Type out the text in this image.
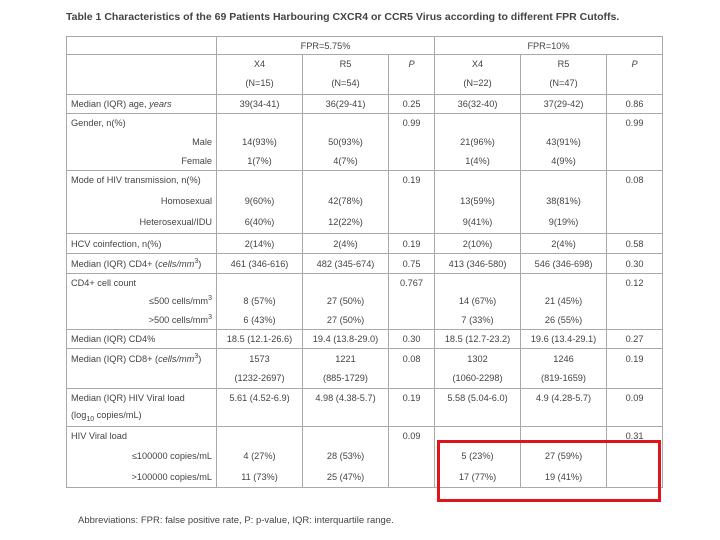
Table 1 Characteristics of the 69 Patients Harbouring CXCR4 or CCR5 Virus according to different FPR Cutoffs.
	FPR=5.75%			FPR=10%		
	X4	R5	P	X4	R5	P
	(N=15)	(N=54)		(N=22)	(N=47)	
Median (IQR) age, years	39(34-41)	36(29-41)	0.25	36(32-40)	37(29-42)	0.86
Gender, n(%)			0.99			0.99
Male	14(93%)	50(93%)		21(96%)	43(91%)	
Female	1(7%)	4(7%)		1(4%)	4(9%)	
Mode of HIV transmission, n(%)			0.19			0.08
Homosexual	9(60%)	42(78%)		13(59%)	38(81%)	
Heterosexual/IDU	6(40%)	12(22%)		9(41%)	9(19%)	
HCV coinfection, n(%)	2(14%)	2(4%)	0.19	2(10%)	2(4%)	0.58
Median (IQR) $CD4+ (cells/mm^3)$	461 (346-616)	482 (345-674)	0.75	413 (346-580)	546 (346-698)	0.30
CD4+ cell count			0.767			0.12
≤500 cells/$mm^3$	8 (57%)	27 (50%)		14 (67%)	21 (45%)	
>500 cells/$mm^3$	6 (43%)	27 (50%)		7 (33%)	26 (55%)	
Median (IQR) CD4%	18.5 (12.1-26.6)	19.4 (13.8-29.0)	0.30	18.5 (12.7-23.2)	19.6 (13.4-29.1)	0.27
Median (IQR) $CD8+ (cells/mm^3)$	1573	1221	0.08	1302	1246	0.19
	(1232-2697)	(885-1729)		(1060-2298)	(819-1659)	
Median (IQR) HIV Viral load	5.61 (4.52-6.9)	4.98 (4.38-5.7)	0.19	5.58 (5.04-6.0)	4.9 (4.28-5.7)	0.09
($\log_{10}$ copies/mL)						
HIV Viral load			0.09			0.31
≤100000 copies/mL	4 (27%)	28 (53%)		5 (23%)	27 (59%)	
>100000 copies/mL	11 (73%)	25 (47%)		17 (77%)	19 (41%)	
Abbreviations: FPR: false positive rate, P: p-value, IQR: interquartile range.
